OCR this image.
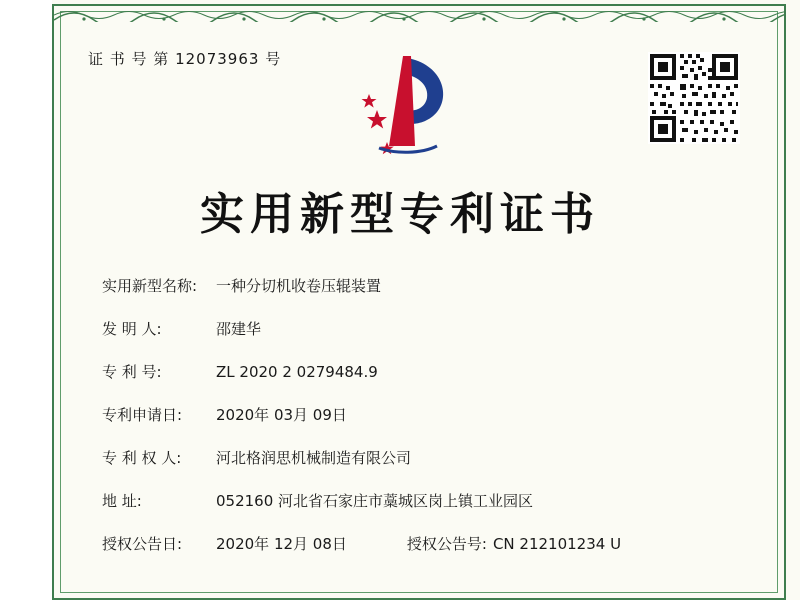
证 书 号 第 12073963 号
实用新型专利证书
实用新型名称:	一种分切机收卷压辊装置
发 明 人:	邵建华
专 利 号:	ZL 2020 2 0279484.9
专利申请日:	2020年 03月 09日
专 利 权 人:	河北格润思机械制造有限公司
地 址:	052160 河北省石家庄市藁城区岗上镇工业园区
授权公告日:	2020年 12月 08日	授权公告号: CN 212101234 U
